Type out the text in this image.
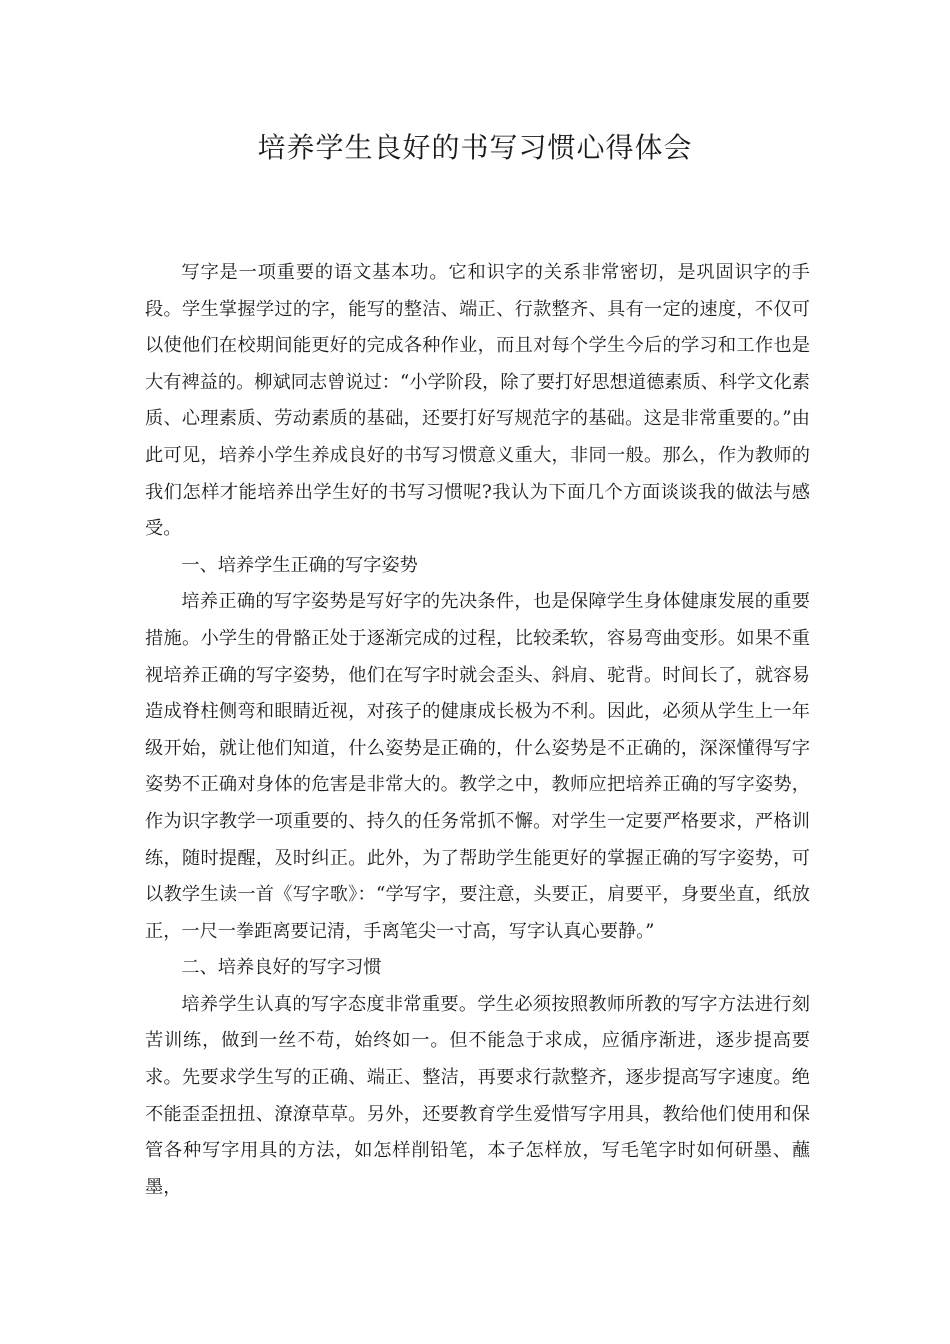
培养学生良好的书写习惯心得体会

写字是一项重要的语文基本功。它和识字的关系非常密切，是巩固识字的手段。学生掌握学过的字，能写的整洁、端正、行款整齐、具有一定的速度，不仅可以使他们在校期间能更好的完成各种作业，而且对每个学生今后的学习和工作也是大有裨益的。柳斌同志曾说过：“小学阶段，除了要打好思想道德素质、科学文化素质、心理素质、劳动素质的基础，还要打好写规范字的基础。这是非常重要的。”由此可见，培养小学生养成良好的书写习惯意义重大，非同一般。那么，作为教师的我们怎样才能培养出学生好的书写习惯呢?我认为下面几个方面谈谈我的做法与感受。

一、培养学生正确的写字姿势

培养正确的写字姿势是写好字的先决条件，也是保障学生身体健康发展的重要措施。小学生的骨骼正处于逐渐完成的过程，比较柔软，容易弯曲变形。如果不重视培养正确的写字姿势，他们在写字时就会歪头、斜肩、驼背。时间长了，就容易造成脊柱侧弯和眼睛近视，对孩子的健康成长极为不利。因此，必须从学生上一年级开始，就让他们知道，什么姿势是正确的，什么姿势是不正确的，深深懂得写字姿势不正确对身体的危害是非常大的。教学之中，教师应把培养正确的写字姿势，作为识字教学一项重要的、持久的任务常抓不懈。对学生一定要严格要求，严格训练，随时提醒，及时纠正。此外，为了帮助学生能更好的掌握正确的写字姿势，可以教学生读一首《写字歌》：“学写字，要注意，头要正，肩要平，身要坐直，纸放正，一尺一拳距离要记清，手离笔尖一寸高，写字认真心要静。”

二、培养良好的写字习惯

培养学生认真的写字态度非常重要。学生必须按照教师所教的写字方法进行刻苦训练，做到一丝不苟，始终如一。但不能急于求成，应循序渐进，逐步提高要求。先要求学生写的正确、端正、整洁，再要求行款整齐，逐步提高写字速度。绝不能歪歪扭扭、潦潦草草。另外，还要教育学生爱惜写字用具，教给他们使用和保管各种写字用具的方法，如怎样削铅笔，本子怎样放，写毛笔字时如何研墨、蘸墨，
